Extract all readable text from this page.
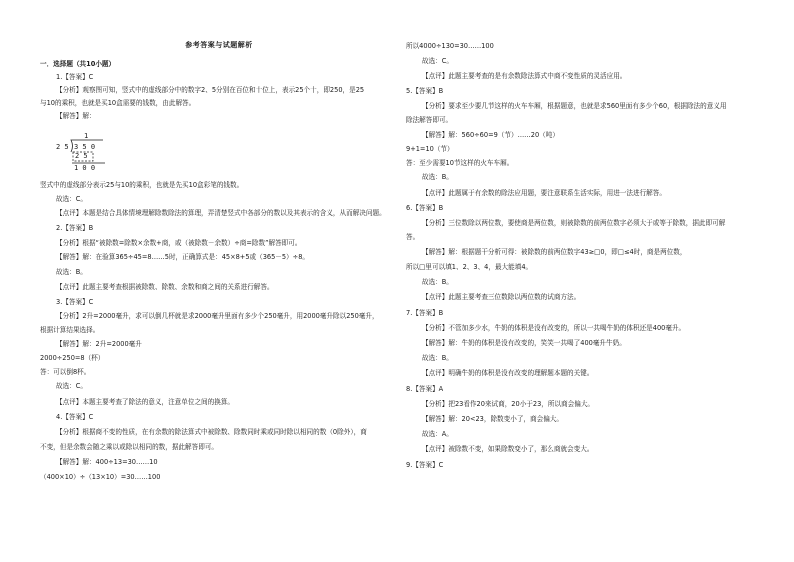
参考答案与试题解析
一．选择题（共10小题）
1.【答案】C
【分析】观察图可知，竖式中的虚线部分中的数字2、5分别在百位和十位上，表示25个十，即250，是25
与10的乘积，也就是买10盒需要的钱数，由此解答。
【解答】解：
1
2 5 3 5 0
2 5
1 0 0
竖式中的虚线部分表示25与10的乘积，也就是先买10盒彩笔的钱数。
故选：C。
【点评】本题是结合具体情境理解除数除法的算理，弄清楚竖式中各部分的数以及其表示的含义，从而解决问题。
2.【答案】B
【分析】根据“被除数=除数×余数+商，或（被除数－余数）÷商=除数”解答即可。
【解答】解：在验算365÷45=8……5时，正确算式是：45×8+5或（365－5）÷8。
故选：B。
【点评】此题主要考查根据被除数、除数、余数和商之间的关系进行解答。
3.【答案】C
【分析】2升=2000毫升，求可以倒几杯就是求2000毫升里面有多少个250毫升，用2000毫升除以250毫升，
根据计算结果选择。
【解答】解：2升=2000毫升
2000÷250=8（杯）
答：可以倒8杯。
故选：C。
【点评】本题主要考查了除法的意义，注意单位之间的换算。
4.【答案】C
【分析】根据商不变的性质，在有余数的除法算式中被除数、除数同时乘或同时除以相同的数（0除外），商
不变，但是余数会随之乘以或除以相同的数，据此解答即可。
【解答】解：400÷13=30……10
（400×10）÷（13×10）=30……100
所以4000÷130=30……100
故选：C。
【点评】此题主要考查的是有余数除法算式中商不变性质的灵活应用。
5.【答案】B
【分析】要求至少要几节这样的火车车厢，根据题意，也就是求560里面有多少个60，根据除法的意义用
除法解答即可。
【解答】解：560÷60=9（节）……20（吨）
9+1=10（节）
答：至少需要10节这样的火车车厢。
故选：B。
【点评】此题属于有余数的除法应用题，要注意联系生活实际，用进一法进行解答。
6.【答案】B
【分析】三位数除以两位数，要使商是两位数，则被除数的前两位数字必须大于或等于除数，据此即可解
答。
【解答】解：根据题干分析可得：被除数的前两位数字43≥□0，即□≤4时，商是两位数，
所以□里可以填1、2、3、4，最大能填4。
故选：B。
【点评】此题主要考查三位数除以两位数的试商方法。
7.【答案】B
【分析】不管加多少水，牛奶的体积是没有改变的，所以一共喝牛奶的体积还是400毫升。
【解答】解：牛奶的体积是没有改变的，笑笑一共喝了400毫升牛奶。
故选：B。
【点评】明确牛奶的体积是没有改变的理解题本题的关键。
8.【答案】A
【分析】把23看作20来试商，20小于23，所以商会偏大。
【解答】解：20<23，除数变小了，商会偏大。
故选：A。
【点评】被除数不变，如果除数变小了，那么商就会变大。
9.【答案】C
